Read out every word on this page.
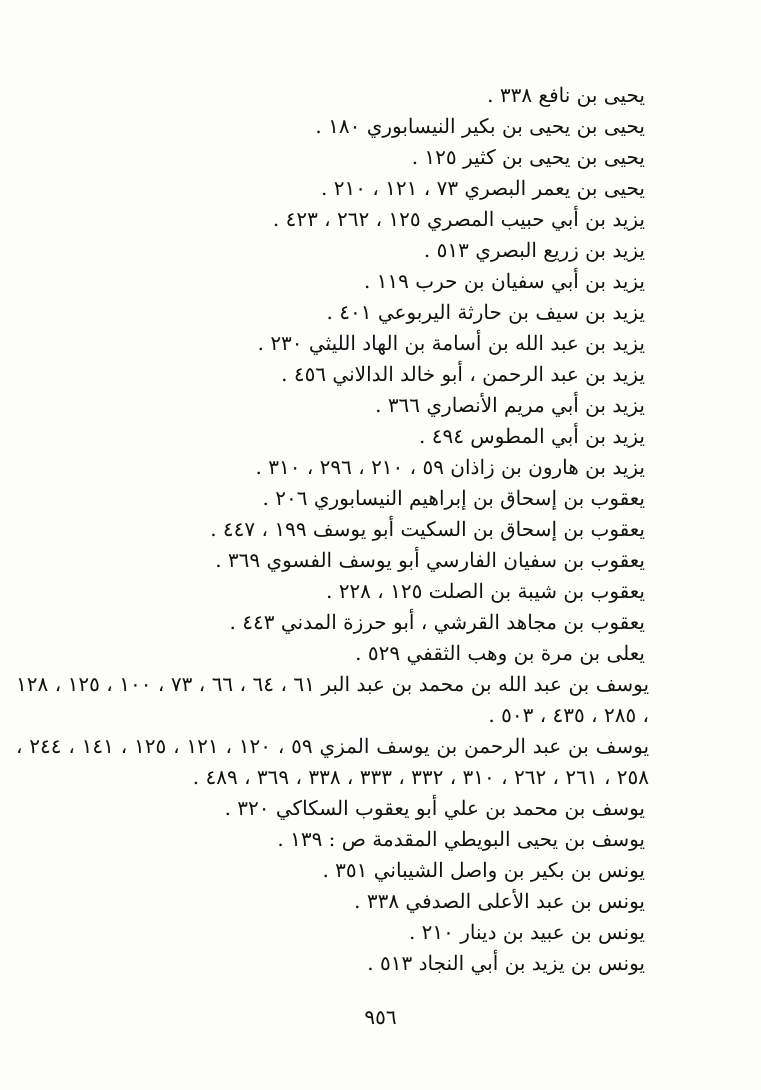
يحيى بن نافع ٣٣٨ .
يحيى بن يحيى بن بكير النيسابوري ١٨٠ .
يحيى بن يحيى بن كثير ١٢٥ .
يحيى بن يعمر البصري ٧٣ ، ١٢١ ، ٢١٠ .
يزيد بن أبي حبيب المصري ١٢٥ ، ٢٦٢ ، ٤٢٣ .
يزيد بن زريع البصري ٥١٣ .
يزيد بن أبي سفيان بن حرب ١١٩ .
يزيد بن سيف بن حارثة اليربوعي ٤٠١ .
يزيد بن عبد الله بن أسامة بن الهاد الليثي ٢٣٠ .
يزيد بن عبد الرحمن ، أبو خالد الدالاني ٤٥٦ .
يزيد بن أبي مريم الأنصاري ٣٦٦ .
يزيد بن أبي المطوس ٤٩٤ .
يزيد بن هارون بن زاذان ٥٩ ، ٢١٠ ، ٢٩٦ ، ٣١٠ .
يعقوب بن إسحاق بن إبراهيم النيسابوري ٢٠٦ .
يعقوب بن إسحاق بن السكيت أبو يوسف ١٩٩ ، ٤٤٧ .
يعقوب بن سفيان الفارسي أبو يوسف الفسوي ٣٦٩ .
يعقوب بن شيبة بن الصلت ١٢٥ ، ٢٢٨ .
يعقوب بن مجاهد القرشي ، أبو حرزة المدني ٤٤٣ .
يعلى بن مرة بن وهب الثقفي ٥٢٩ .
يوسف بن عبد الله بن محمد بن عبد البر ٦١ ، ٦٤ ، ٦٦ ، ٧٣ ، ١٠٠ ، ١٢٥ ، ١٢٨ ، ٢٨٥ ، ٤٣٥ ، ٥٠٣ .
يوسف بن عبد الرحمن بن يوسف المزي ٥٩ ، ١٢٠ ، ١٢١ ، ١٢٥ ، ١٤١ ، ٢٤٤ ، ٢٥٨ ، ٢٦١ ، ٢٦٢ ، ٣١٠ ، ٣٣٢ ، ٣٣٣ ، ٣٣٨ ، ٣٦٩ ، ٤٨٩ .
يوسف بن محمد بن علي أبو يعقوب السكاكي ٣٢٠ .
يوسف بن يحيى البويطي المقدمة ص : ١٣٩ .
يونس بن بكير بن واصل الشيباني ٣٥١ .
يونس بن عبد الأعلى الصدفي ٣٣٨ .
يونس بن عبيد بن دينار ٢١٠ .
يونس بن يزيد بن أبي النجاد ٥١٣ .
٩٥٦
